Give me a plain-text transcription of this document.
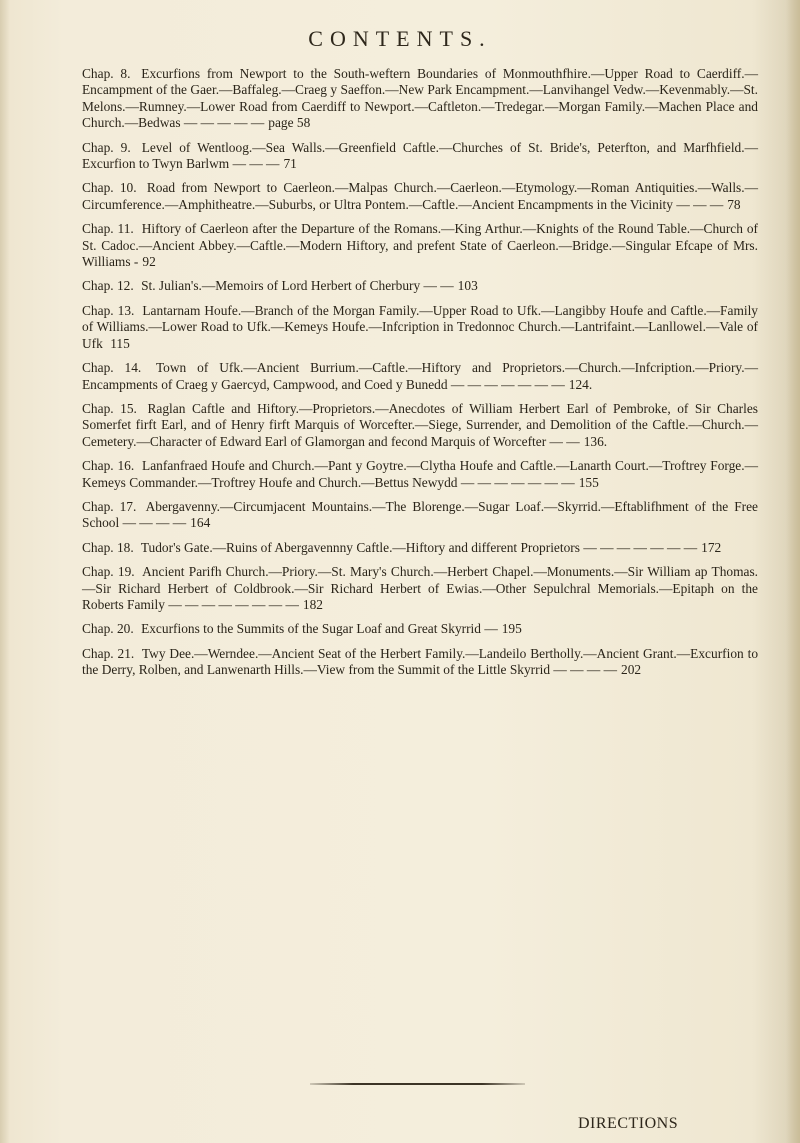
CONTENTS.
Chap. 8. Excurfions from Newport to the South-weftern Boundaries of Monmouthfhire.—Upper Road to Caerdiff.—Encampment of the Gaer.—Baffaleg.—Craeg y Saeffon.—New Park Encampment.—Lanvihangel Vedw.—Kevenmably.—St. Melons.—Rumney.—Lower Road from Caerdiff to Newport.—Caftleton.—Tredegar.—Morgan Family.—Machen Place and Church.—Bedwas — — — — — page 58
Chap. 9. Level of Wentloog.—Sea Walls.—Greenfield Caftle.—Churches of St. Bride's, Peterfton, and Marfhfield.—Excurfion to Twyn Barlwm — — — 71
Chap. 10. Road from Newport to Caerleon.—Malpas Church.—Caerleon.—Etymology.—Roman Antiquities.—Walls.—Circumference.—Amphitheatre.—Suburbs, or Ultra Pontem.—Caftle.—Ancient Encampments in the Vicinity — — — 78
Chap. 11. Hiftory of Caerleon after the Departure of the Romans.—King Arthur.—Knights of the Round Table.—Church of St. Cadoc.—Ancient Abbey.—Caftle.—Modern Hiftory, and prefent State of Caerleon.—Bridge.—Singular Efcape of Mrs. Williams - 92
Chap. 12. St. Julian's.—Memoirs of Lord Herbert of Cherbury — — 103
Chap. 13. Lantarnam Houfe.—Branch of the Morgan Family.—Upper Road to Ufk.—Langibby Houfe and Caftle.—Family of Williams.—Lower Road to Ufk.—Kemeys Houfe.—Infcription in Tredonnoc Church.—Lantrifaint.—Lanllowel.—Vale of Ufk 115
Chap. 14. Town of Ufk.—Ancient Burrium.—Caftle.—Hiftory and Proprietors.—Church.—Infcription.—Priory.—Encampments of Craeg y Gaercyd, Campwood, and Coed y Bunedd — — — — — — — 124.
Chap. 15. Raglan Caftle and Hiftory.—Proprietors.—Anecdotes of William Herbert Earl of Pembroke, of Sir Charles Somerfet firft Earl, and of Henry firft Marquis of Worcefter.—Siege, Surrender, and Demolition of the Caftle.—Church.—Cemetery.—Character of Edward Earl of Glamorgan and fecond Marquis of Worcefter — — 136.
Chap. 16. Lanfanfraed Houfe and Church.—Pant y Goytre.—Clytha Houfe and Caftle.—Lanarth Court.—Troftrey Forge.—Kemeys Commander.—Troftrey Houfe and Church.—Bettus Newydd — — — — — — — 155
Chap. 17. Abergavenny.—Circumjacent Mountains.—The Blorenge.—Sugar Loaf.—Skyrrid.—Eftablifhment of the Free School — — — — 164
Chap. 18. Tudor's Gate.—Ruins of Abergavennny Caftle.—Hiftory and different Proprietors — — — — — — — 172
Chap. 19. Ancient Parifh Church.—Priory.—St. Mary's Church.—Herbert Chapel.—Monuments.—Sir William ap Thomas.—Sir Richard Herbert of Coldbrook.—Sir Richard Herbert of Ewias.—Other Sepulchral Memorials.—Epitaph on the Roberts Family — — — — — — — — 182
Chap. 20. Excurfions to the Summits of the Sugar Loaf and Great Skyrrid — 195
Chap. 21. Twy Dee.—Werndee.—Ancient Seat of the Herbert Family.—Landeilo Bertholly.—Ancient Grant.—Excurfion to the Derry, Rolben, and Lanwenarth Hills.—View from the Summit of the Little Skyrrid — — — — 202
DIRECTIONS
